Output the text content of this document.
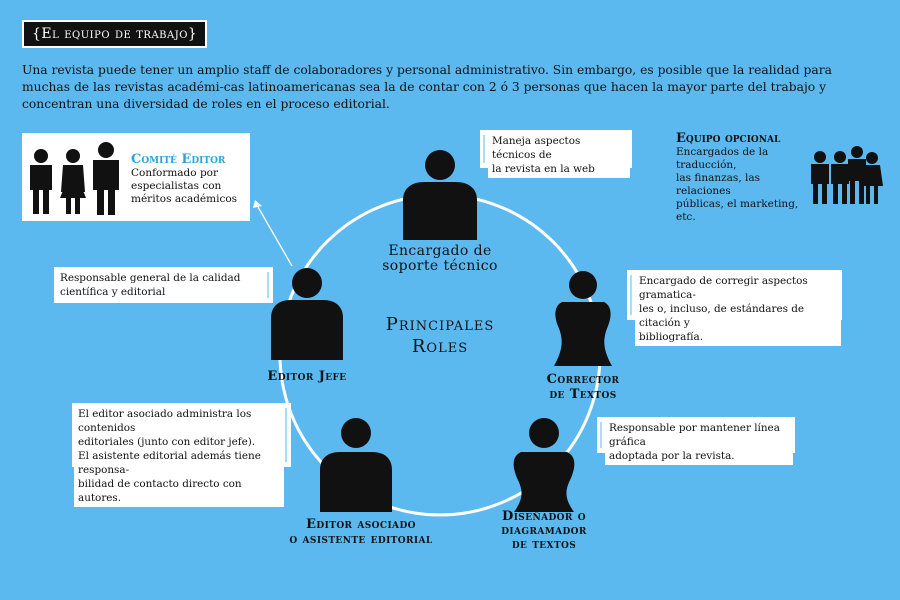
{El equipo de trabajo}
Una revista puede tener un amplio staff de colaboradores y personal administrativo. Sin embargo, es posible que la realidad para muchas de las revistas académi-cas latinoamericanas sea la de contar con 2 ó 3 personas que hacen la mayor parte del trabajo y concentran una diversidad de roles en el proceso editorial.
Comité Editor
Conformado por
especialistas con
méritos académicos
Equipo opcional
Encargados de la traducción,
las finanzas, las relaciones
públicas, el marketing, etc.
Principales
Roles
Encargado de
soporte técnico
Maneja aspectos técnicos de
la revista en la web
Corrector
de Textos
Encargado de corregir aspectos gramatica-
les o, incluso, de estándares de citación y
bibliografía.
Diseñador o
diagramador
de textos
Responsable por mantener línea gráfica
adoptada por la revista.
Editor asociado
o asistente editorial
El editor asociado administra los contenidos
editoriales (junto con editor jefe).
El asistente editorial además tiene responsa-
bilidad de contacto directo con autores.
Editor Jefe
Responsable general de la calidad
científica y editorial
